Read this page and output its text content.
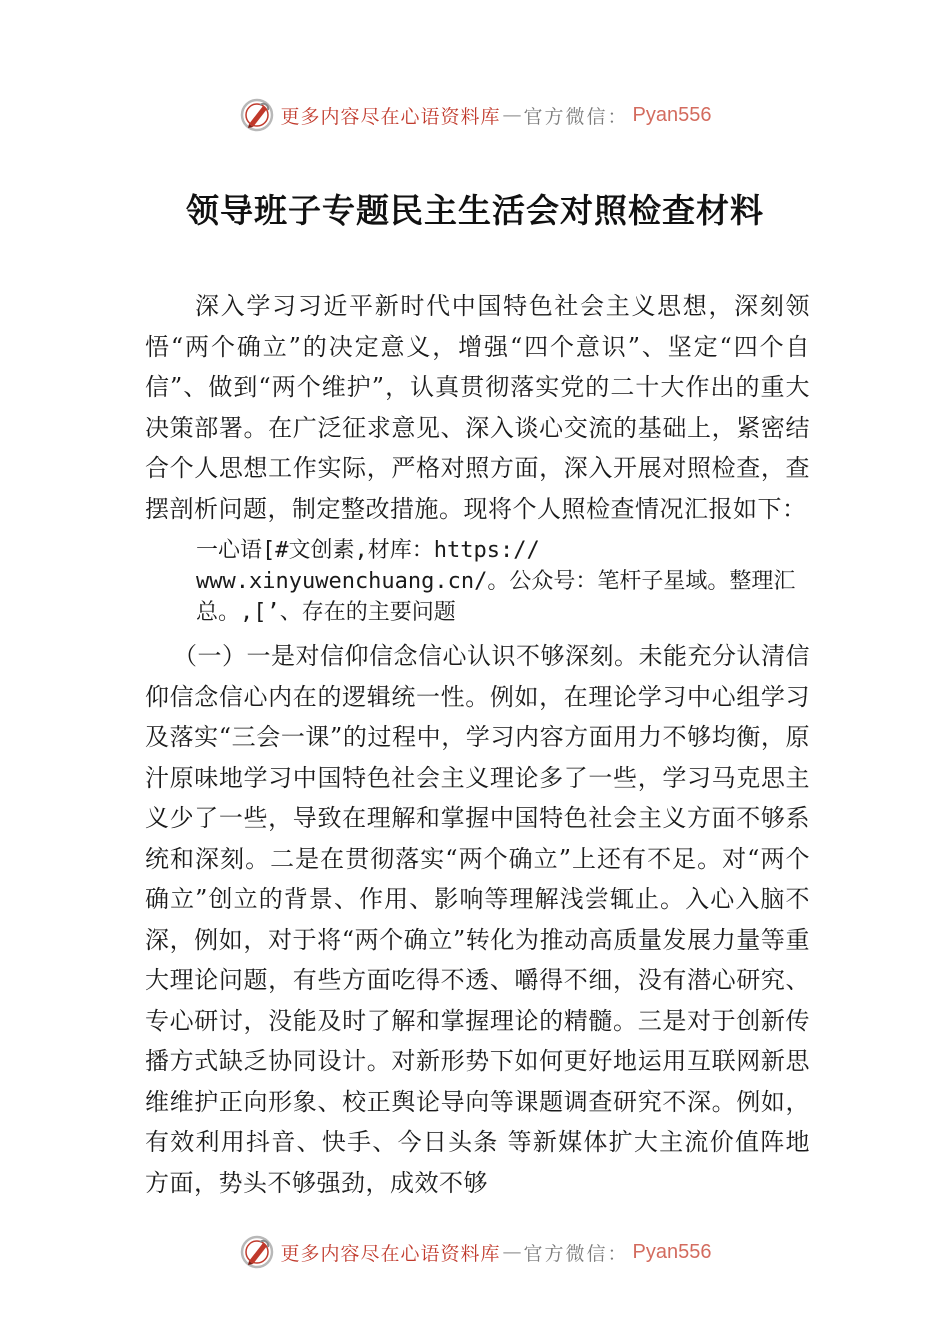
更多内容尽在心语资料库 — 官方微信： Pyan556
领导班子专题民主生活会对照检查材料
深入学习习近平新时代中国特色社会主义思想，深刻领悟“两个确立”的决定意义，增强“四个意识”、坚定“四个自信”、做到“两个维护”，认真贯彻落实党的二十大作出的重大决策部署。在广泛征求意见、深入谈心交流的基础上，紧密结合个人思想工作实际，严格对照方面，深入开展对照检查，查摆剖析问题，制定整改措施。现将个人照检查情况汇报如下：
一心语[#文创素,材库：https://
www.xinyuwenchuang.cn/。公众号：笔杆子星域。整理汇
总。,[’、存在的主要问题
（一）一是对信仰信念信心认识不够深刻。未能充分认清信仰信念信心内在的逻辑统一性。例如，在理论学习中心组学习及落实“三会一课”的过程中，学习内容方面用力不够均衡，原汁原味地学习中国特色社会主义理论多了一些，学习马克思主义少了一些，导致在理解和掌握中国特色社会主义方面不够系统和深刻。二是在贯彻落实“两个确立”上还有不足。对“两个确立”创立的背景、作用、影响等理解浅尝辄止。入心入脑不深，例如，对于将“两个确立”转化为推动高质量发展力量等重大理论问题，有些方面吃得不透、嚼得不细，没有潜心研究、专心研讨，没能及时了解和掌握理论的精髓。三是对于创新传播方式缺乏协同设计。对新形势下如何更好地运用互联网新思维维护正向形象、校正舆论导向等课题调查研究不深。例如，有效利用抖音、快手、今日头条 等新媒体扩大主流价值阵地方面，势头不够强劲，成效不够
更多内容尽在心语资料库 — 官方微信： Pyan556
